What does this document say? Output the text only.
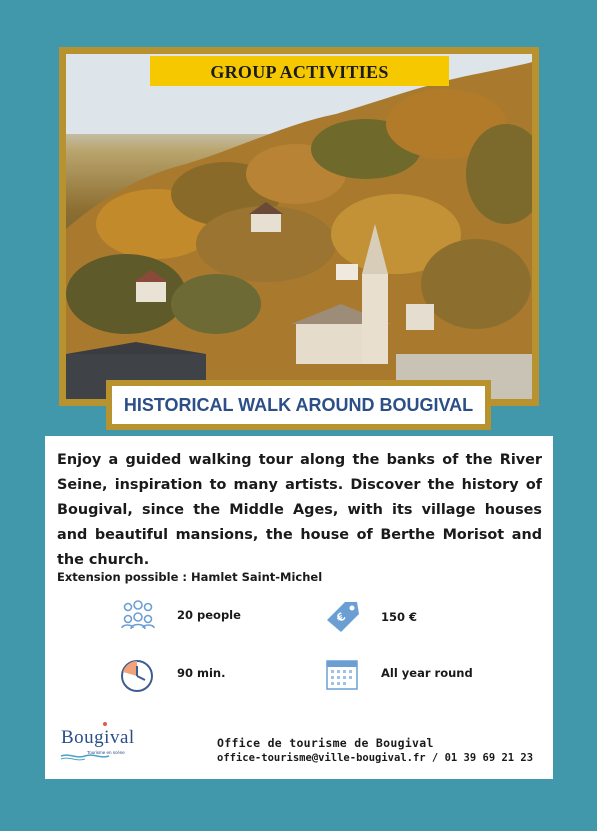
GROUP ACTIVITIES
HISTORICAL WALK AROUND BOUGIVAL

Enjoy a guided walking tour along the banks of the River Seine, inspiration to many artists. Discover the history of Bougival, since the Middle Ages, with its village houses and beautiful mansions, the house of Berthe Morisot and the church.

Extension possible : Hamlet Saint-Michel
20 people	€	150 €
90 min.	All year round
Bougival
Tourisme en scène
Office de tourisme de Bougival
office-tourisme@ville-bougival.fr / 01 39 69 21 23
